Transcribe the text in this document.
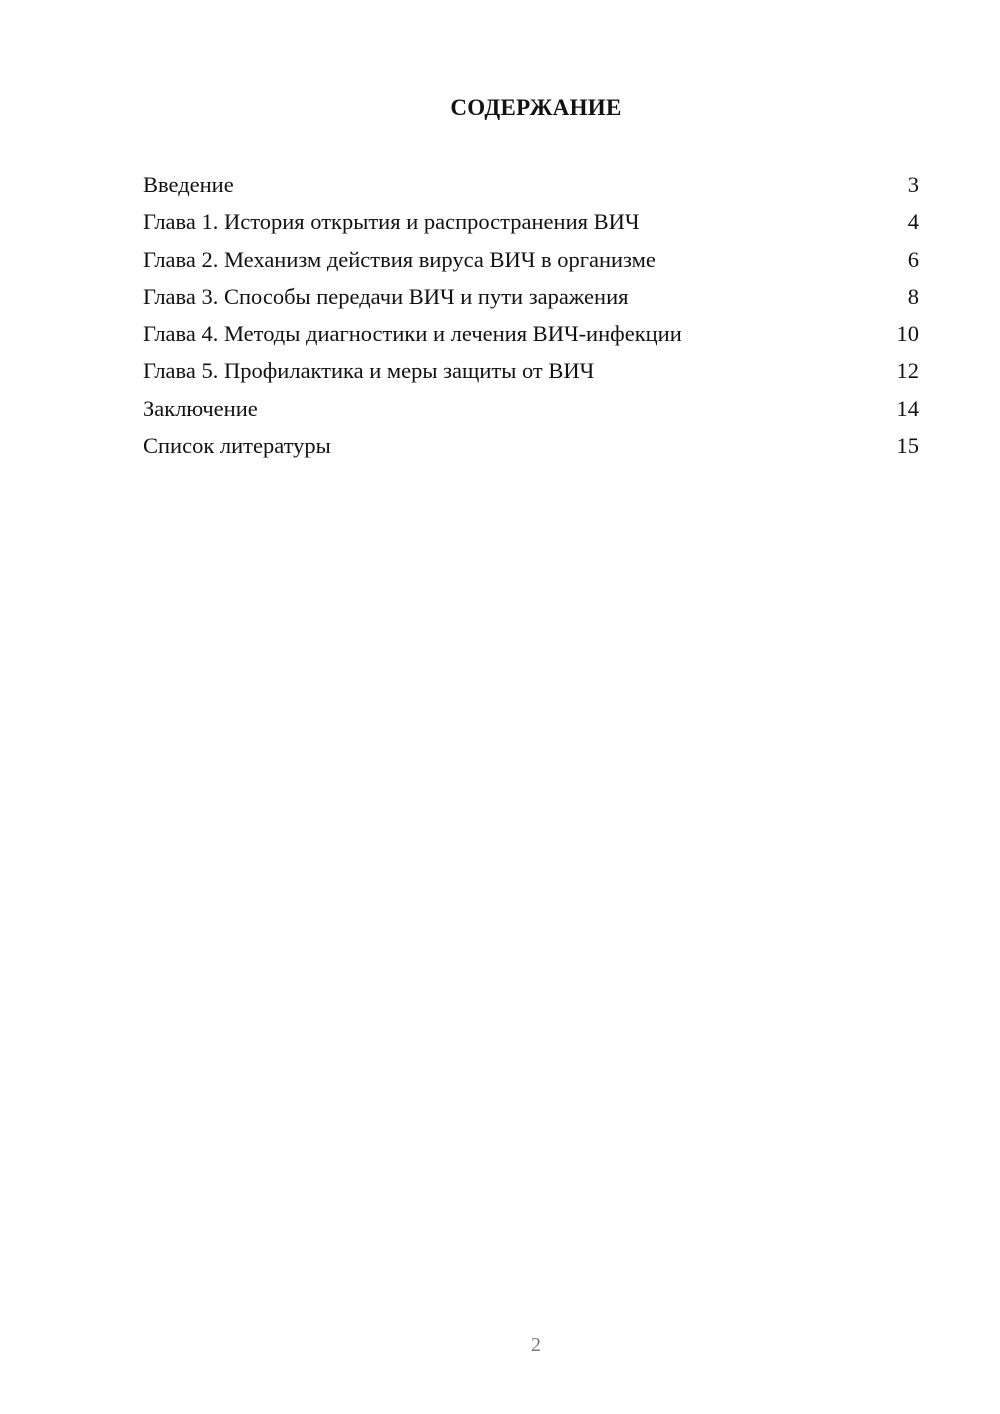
СОДЕРЖАНИЕ
Введение	3
Глава 1. История открытия и распространения ВИЧ	4
Глава 2. Механизм действия вируса ВИЧ в организме	6
Глава 3. Способы передачи ВИЧ и пути заражения	8
Глава 4. Методы диагностики и лечения ВИЧ-инфекции	10
Глава 5. Профилактика и меры защиты от ВИЧ	12
Заключение	14
Список литературы	15
2
